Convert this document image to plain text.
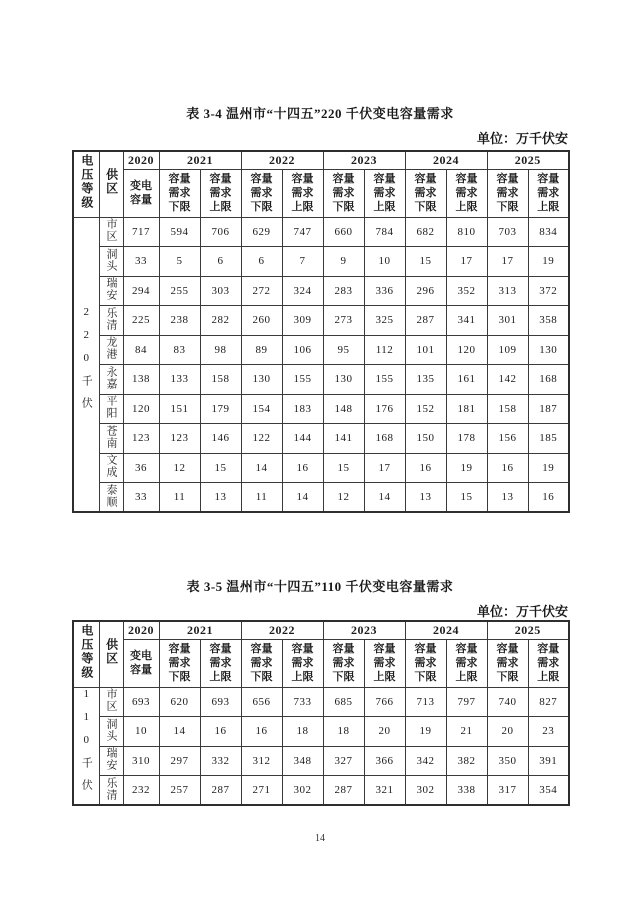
表 3-4 温州市“十四五”220 千伏变电容量需求
单位：万千伏安
电压等级	供区	2020	2021		2022		2023		2024		2025	
		变电容量	容量需求下限	容量需求上限	容量需求下限	容量需求上限	容量需求下限	容量需求上限	容量需求下限	容量需求上限	容量需求下限	容量需求上限
220千伏	市区	717	594	706	629	747	660	784	682	810	703	834
	洞头	33	5	6	6	7	9	10	15	17	17	19
	瑞安	294	255	303	272	324	283	336	296	352	313	372
	乐清	225	238	282	260	309	273	325	287	341	301	358
	龙港	84	83	98	89	106	95	112	101	120	109	130
	永嘉	138	133	158	130	155	130	155	135	161	142	168
	平阳	120	151	179	154	183	148	176	152	181	158	187
	苍南	123	123	146	122	144	141	168	150	178	156	185
	文成	36	12	15	14	16	15	17	16	19	16	19
	泰顺	33	11	13	11	14	12	14	13	15	13	16
表 3-5 温州市“十四五”110 千伏变电容量需求
单位：万千伏安
电压等级	供区	2020	2021		2022		2023		2024		2025	
		变电容量	容量需求下限	容量需求上限	容量需求下限	容量需求上限	容量需求下限	容量需求上限	容量需求下限	容量需求上限	容量需求下限	容量需求上限
110千伏	市区	693	620	693	656	733	685	766	713	797	740	827
	洞头	10	14	16	16	18	18	20	19	21	20	23
	瑞安	310	297	332	312	348	327	366	342	382	350	391
	乐清	232	257	287	271	302	287	321	302	338	317	354
14
